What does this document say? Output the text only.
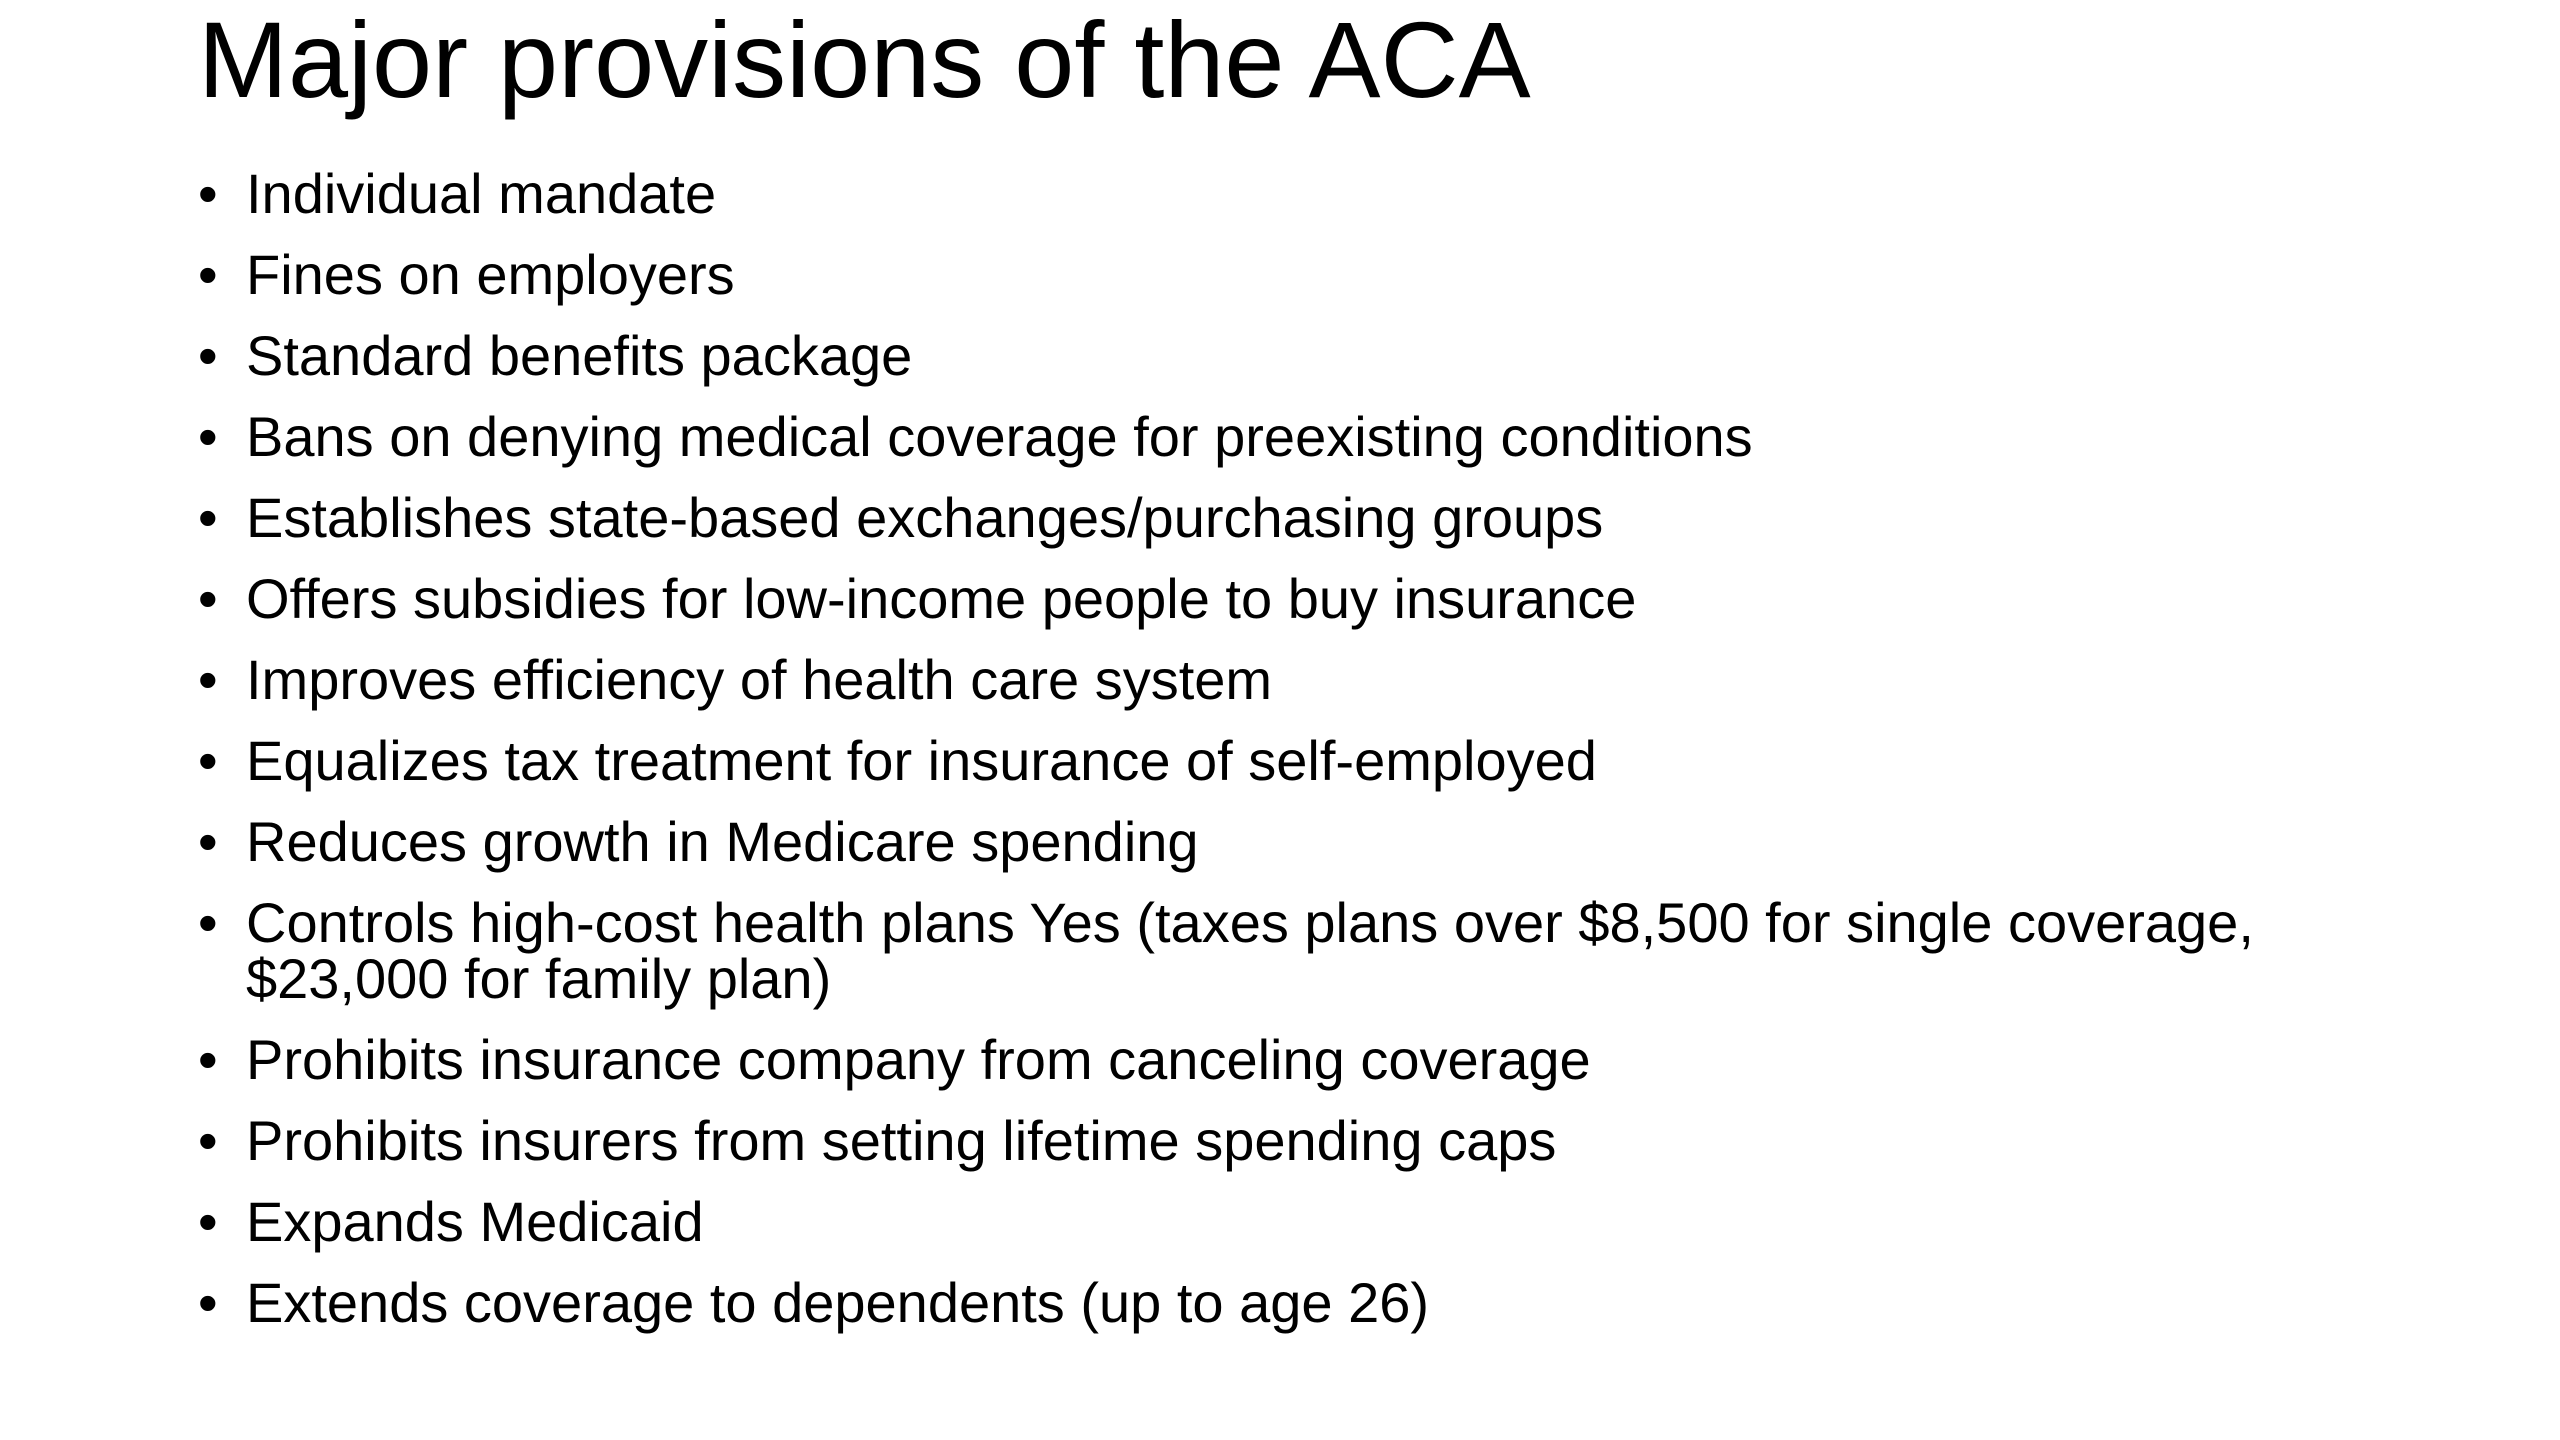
Major provisions of the ACA
• Individual mandate
• Fines on employers
• Standard benefits package
• Bans on denying medical coverage for preexisting conditions
• Establishes state-based exchanges/purchasing groups
• Offers subsidies for low-income people to buy insurance
• Improves efficiency of health care system
• Equalizes tax treatment for insurance of self-employed
• Reduces growth in Medicare spending
• Controls high-cost health plans Yes (taxes plans over $8,500 for single coverage, $23,000 for family plan)
• Prohibits insurance company from canceling coverage
• Prohibits insurers from setting lifetime spending caps
• Expands Medicaid
• Extends coverage to dependents (up to age 26)
